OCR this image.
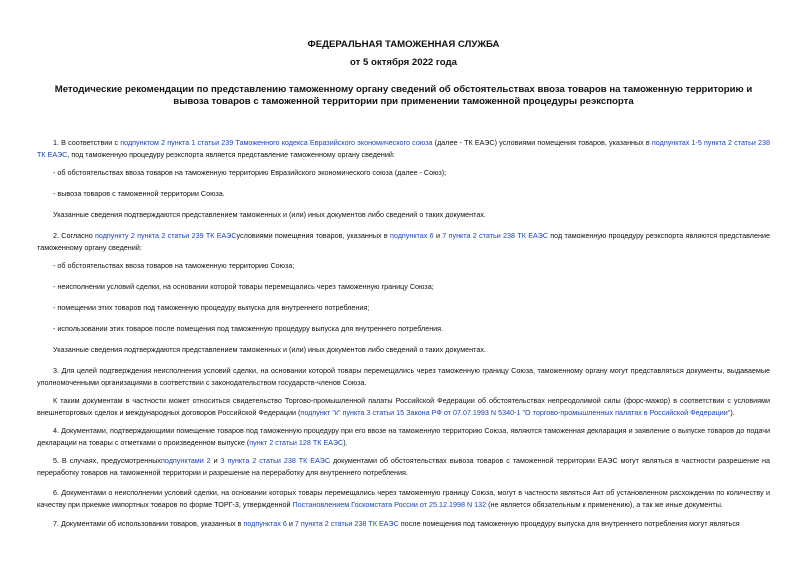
ФЕДЕРАЛЬНАЯ ТАМОЖЕННАЯ СЛУЖБА
от 5 октября 2022 года
Методические рекомендации по представлению таможенному органу сведений об обстоятельствах ввоза товаров на таможенную территорию и вывоза товаров с таможенной территории при применении таможенной процедуры реэкспорта
1. В соответствии с подпунктом 2 пункта 1 статьи 239 Таможенного кодекса Евразийского экономического союза (далее - ТК ЕАЭС) условиями помещения товаров, указанных в подпунктах 1-5 пункта 2 статьи 238 ТК ЕАЭС, под таможенную процедуру реэкспорта является представление таможенному органу сведений:
- об обстоятельствах ввоза товаров на таможенную территорию Евразийского экономического союза (далее - Союз);
- вывоза товаров с таможенной территории Союза.
Указанные сведения подтверждаются представлением таможенных и (или) иных документов либо сведений о таких документах.
2. Согласно подпункту 2 пункта 2 статьи 239 ТК ЕАЭСусловиями помещения товаров, указанных в подпунктах 6 и 7 пункта 2 статьи 238 ТК ЕАЭС под таможенную процедуру реэкспорта являются представление таможенному органу сведений:
- об обстоятельствах ввоза товаров на таможенную территорию Союза;
- неисполнении условий сделки, на основании которой товары перемещались через таможенную границу Союза;
- помещении этих товаров под таможенную процедуру выпуска для внутреннего потребления;
- использовании этих товаров после помещения под таможенную процедуру выпуска для внутреннего потребления.
Указанные сведения подтверждаются представлением таможенных и (или) иных документов либо сведений о таких документах.
3. Для целей подтверждения неисполнения условий сделки, на основании которой товары перемещались через таможенную границу Союза, таможенному органу могут представляться документы, выдаваемые уполномоченными организациями в соответствии с законодательством государств-членов Союза.
К таким документам в частности может относиться свидетельство Торгово-промышленной палаты Российской Федерации об обстоятельствах непреодолимой силы (форс-мажор) в соответствии с условиями внешнеторговых сделок и международных договоров Российской Федерации (подпункт "к" пункта 3 статьи 15 Закона РФ от 07.07.1993 N 5340-1 "О торгово-промышленных палатах в Российской Федерации").
4. Документами, подтверждающими помещение товаров под таможенную процедуру при его ввозе на таможенную территорию Союза, являются таможенная декларация и заявление о выпуске товаров до подачи декларации на товары с отметками о произведенном выпуске (пункт 2 статьи 128 ТК ЕАЭС).
5. В случаях, предусмотренныхподпунктами 2 и 3 пункта 2 статьи 238 ТК ЕАЭС документами об обстоятельствах вывоза товаров с таможенной территории ЕАЭС могут являться в частности разрешение на переработку товаров на таможенной территории и разрешение на переработку для внутреннего потребления.
6. Документами о неисполнении условий сделки, на основании которых товары перемещались через таможенную границу Союза, могут в частности являться Акт об установленном расхождении по количеству и качеству при приемке импортных товаров по форме ТОРГ-3, утвержденной Постановлением Госкомстата России от 25.12.1998 N 132 (не является обязательным к применению), а так же иные документы.
7. Документами об использовании товаров, указанных в подпунктах 6 и 7 пункта 2 статьи 238 ТК ЕАЭС после помещения под таможенную процедуру выпуска для внутреннего потребления могут являться
